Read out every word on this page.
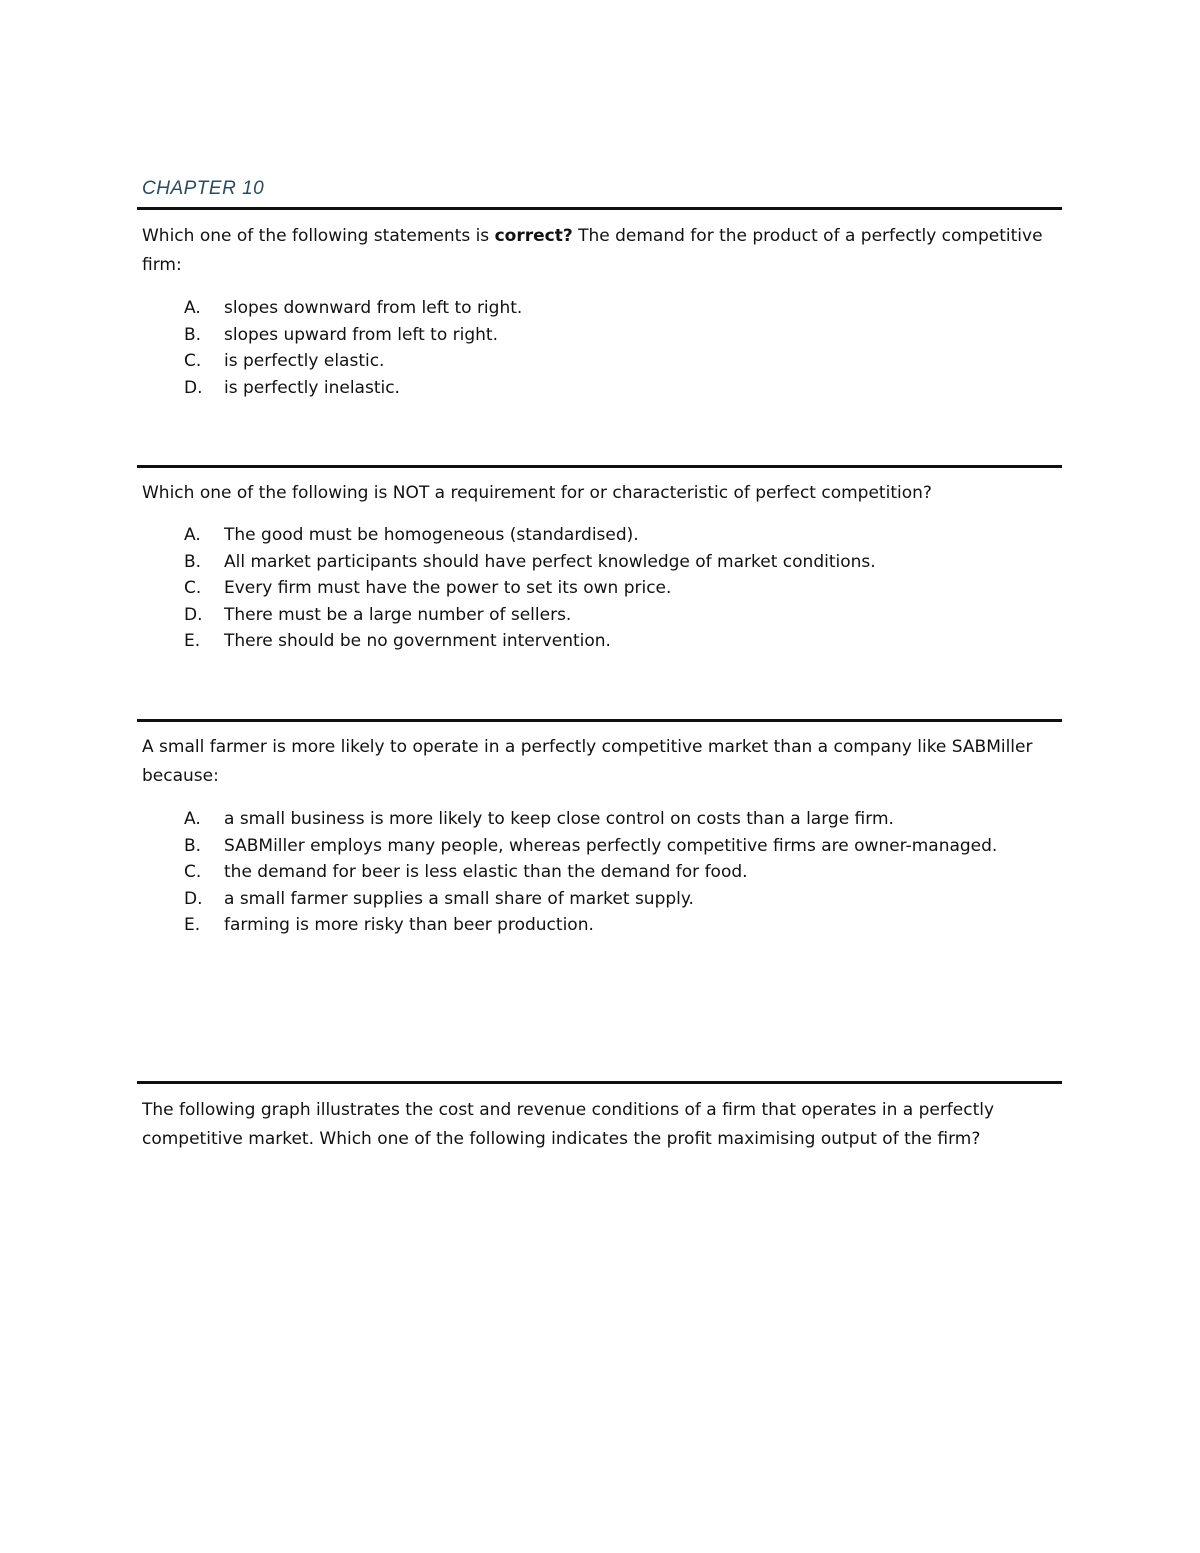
CHAPTER 10
Which one of the following statements is correct? The demand for the product of a perfectly competitive firm:
A.	slopes downward from left to right.
B.	slopes upward from left to right.
C.	is perfectly elastic.
D.	is perfectly inelastic.
Which one of the following is NOT a requirement for or characteristic of perfect competition?
A.	The good must be homogeneous (standardised).
B.	All market participants should have perfect knowledge of market conditions.
C.	Every firm must have the power to set its own price.
D.	There must be a large number of sellers.
E.	There should be no government intervention.
A small farmer is more likely to operate in a perfectly competitive market than a company like SABMiller because:
A.	a small business is more likely to keep close control on costs than a large firm.
B.	SABMiller employs many people, whereas perfectly competitive firms are owner-managed.
C.	the demand for beer is less elastic than the demand for food.
D.	a small farmer supplies a small share of market supply.
E.	farming is more risky than beer production.
The following graph illustrates the cost and revenue conditions of a firm that operates in a perfectly competitive market. Which one of the following indicates the profit maximising output of the firm?
